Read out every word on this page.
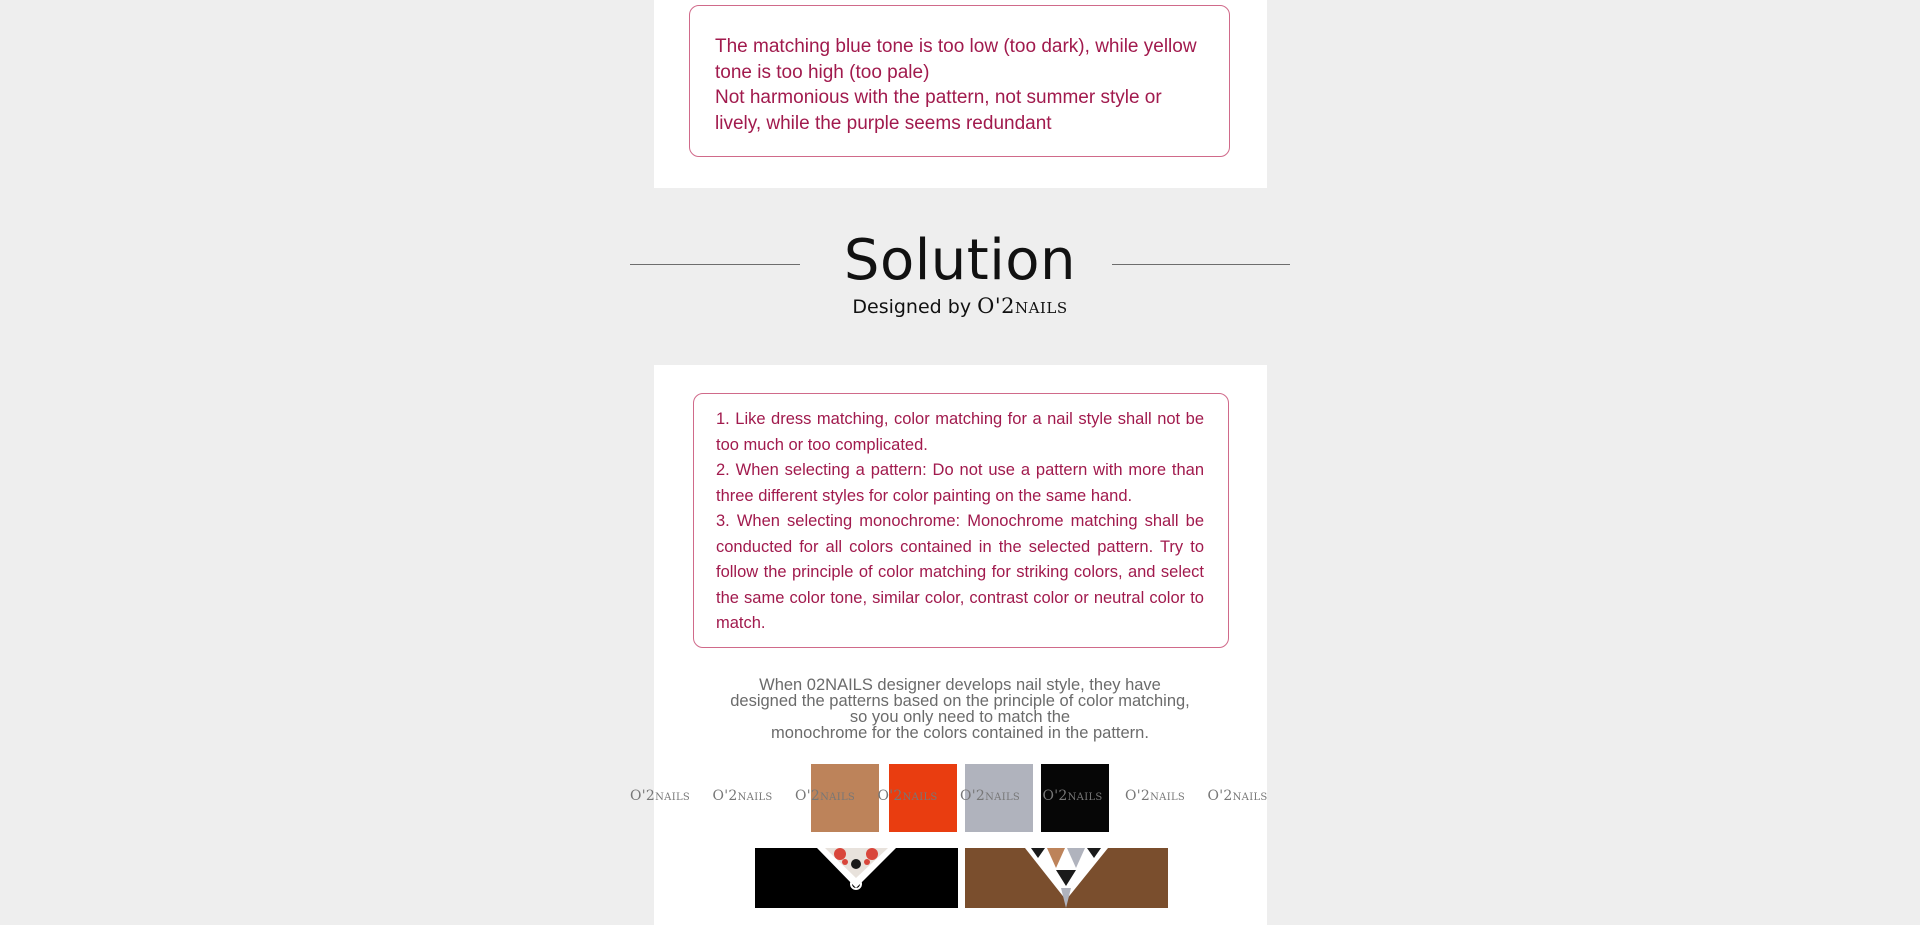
The matching blue tone is too low (too dark), while yellow tone is too high (too pale)

Not harmonious with the pattern, not summer style or lively, while the purple seems redundant

Solution
Designed by O'2nails

1. Like dress matching, color matching for a nail style shall not be too much or too complicated.

2. When selecting a pattern: Do not use a pattern with more than three different styles for color painting on the same hand.

3. When selecting monochrome: Monochrome matching shall be conducted for all colors contained in the selected pattern. Try to follow the principle of color matching for striking colors, and select the same color tone, similar color, contrast color or neutral color to match.

When 02NAILS designer develops nail style, they have
designed the patterns based on the principle of color matching,
so you only need to match the
monochrome for the colors contained in the pattern.
O'2nails	O'2nails	O'2nails	O'2nails	O'2nails	O'2nails	O'2nails	O'2nails
